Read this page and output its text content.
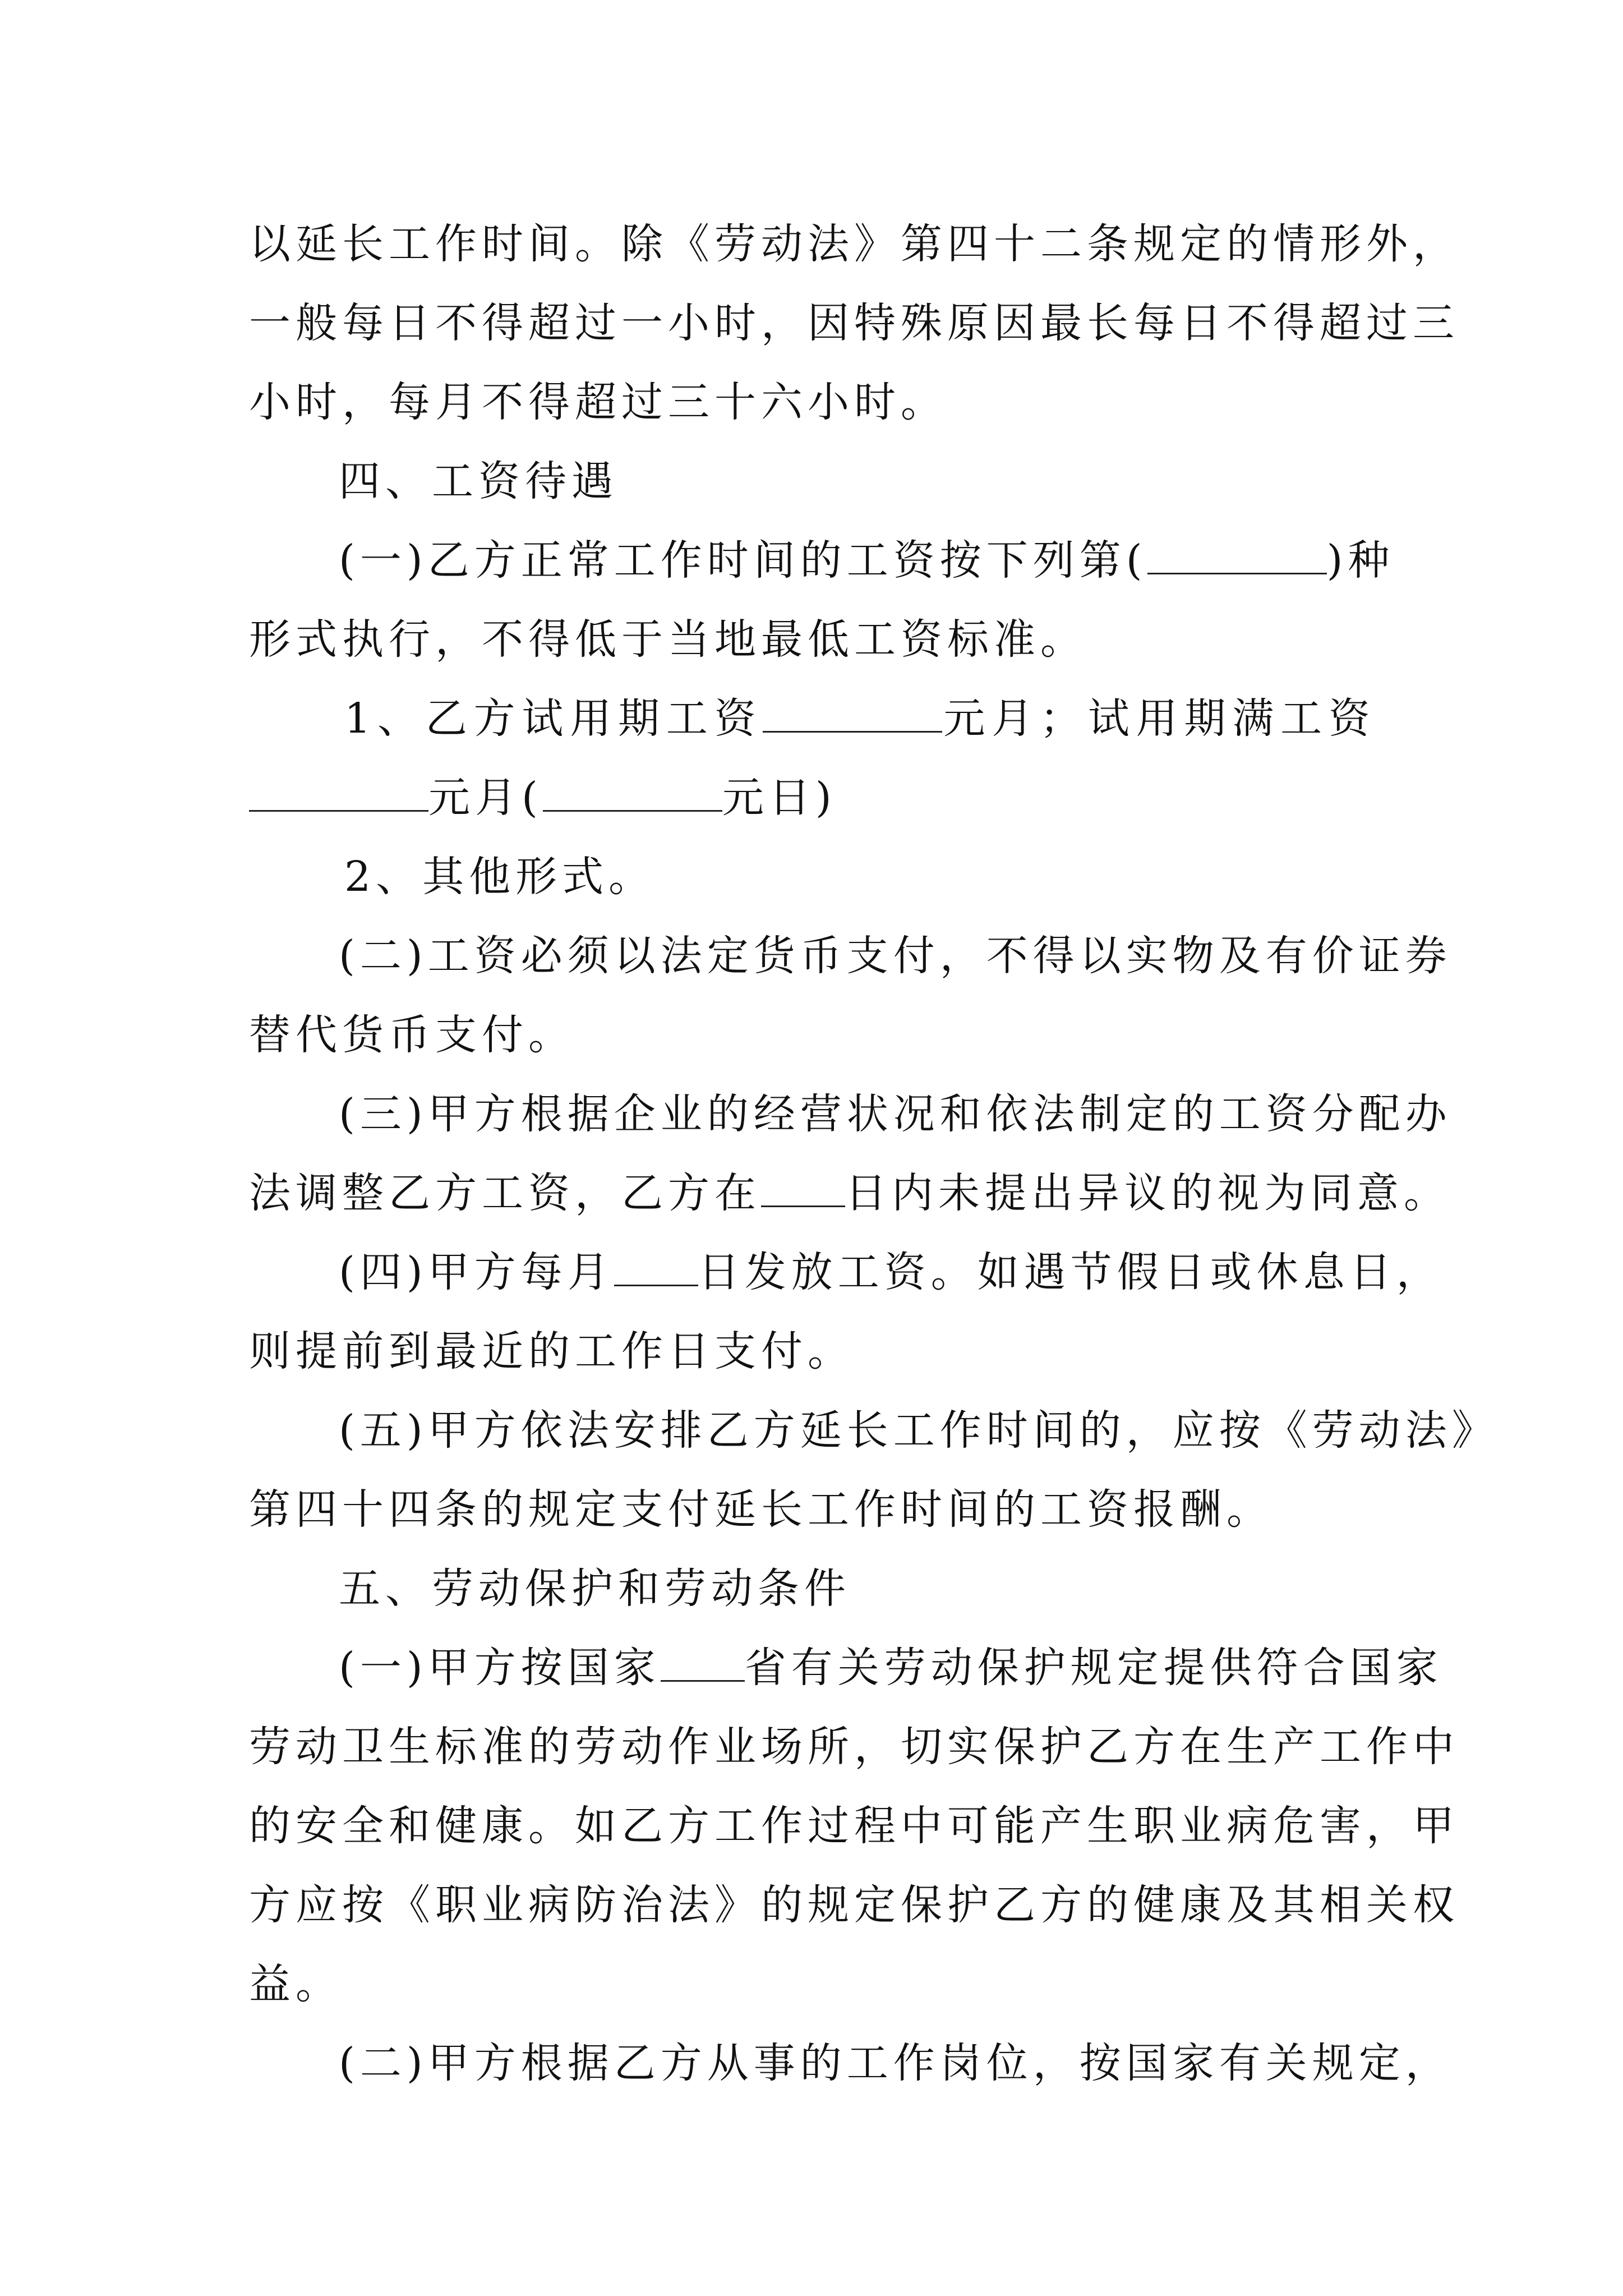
以延长工作时间。除《劳动法》第四十二条规定的情形外，
一般每日不得超过一小时，因特殊原因最长每日不得超过三
小时，每月不得超过三十六小时。
四、工资待遇
(一)乙方正常工作时间的工资按下列第(	)种
形式执行，不得低于当地最低工资标准。
1、乙方试用期工资	元月；试用期满工资
元月(	元日)
2、其他形式。
(二)工资必须以法定货币支付，不得以实物及有价证券
替代货币支付。
(三)甲方根据企业的经营状况和依法制定的工资分配办
法调整乙方工资，乙方在 日内未提出异议的视为同意。
(四)甲方每月 日发放工资。如遇节假日或休息日，
则提前到最近的工作日支付。
(五)甲方依法安排乙方延长工作时间的，应按《劳动法》
第四十四条的规定支付延长工作时间的工资报酬。
五、劳动保护和劳动条件
(一)甲方按国家 省有关劳动保护规定提供符合国家
劳动卫生标准的劳动作业场所，切实保护乙方在生产工作中
的安全和健康。如乙方工作过程中可能产生职业病危害，甲
方应按《职业病防治法》的规定保护乙方的健康及其相关权
益。
(二)甲方根据乙方从事的工作岗位，按国家有关规定，
